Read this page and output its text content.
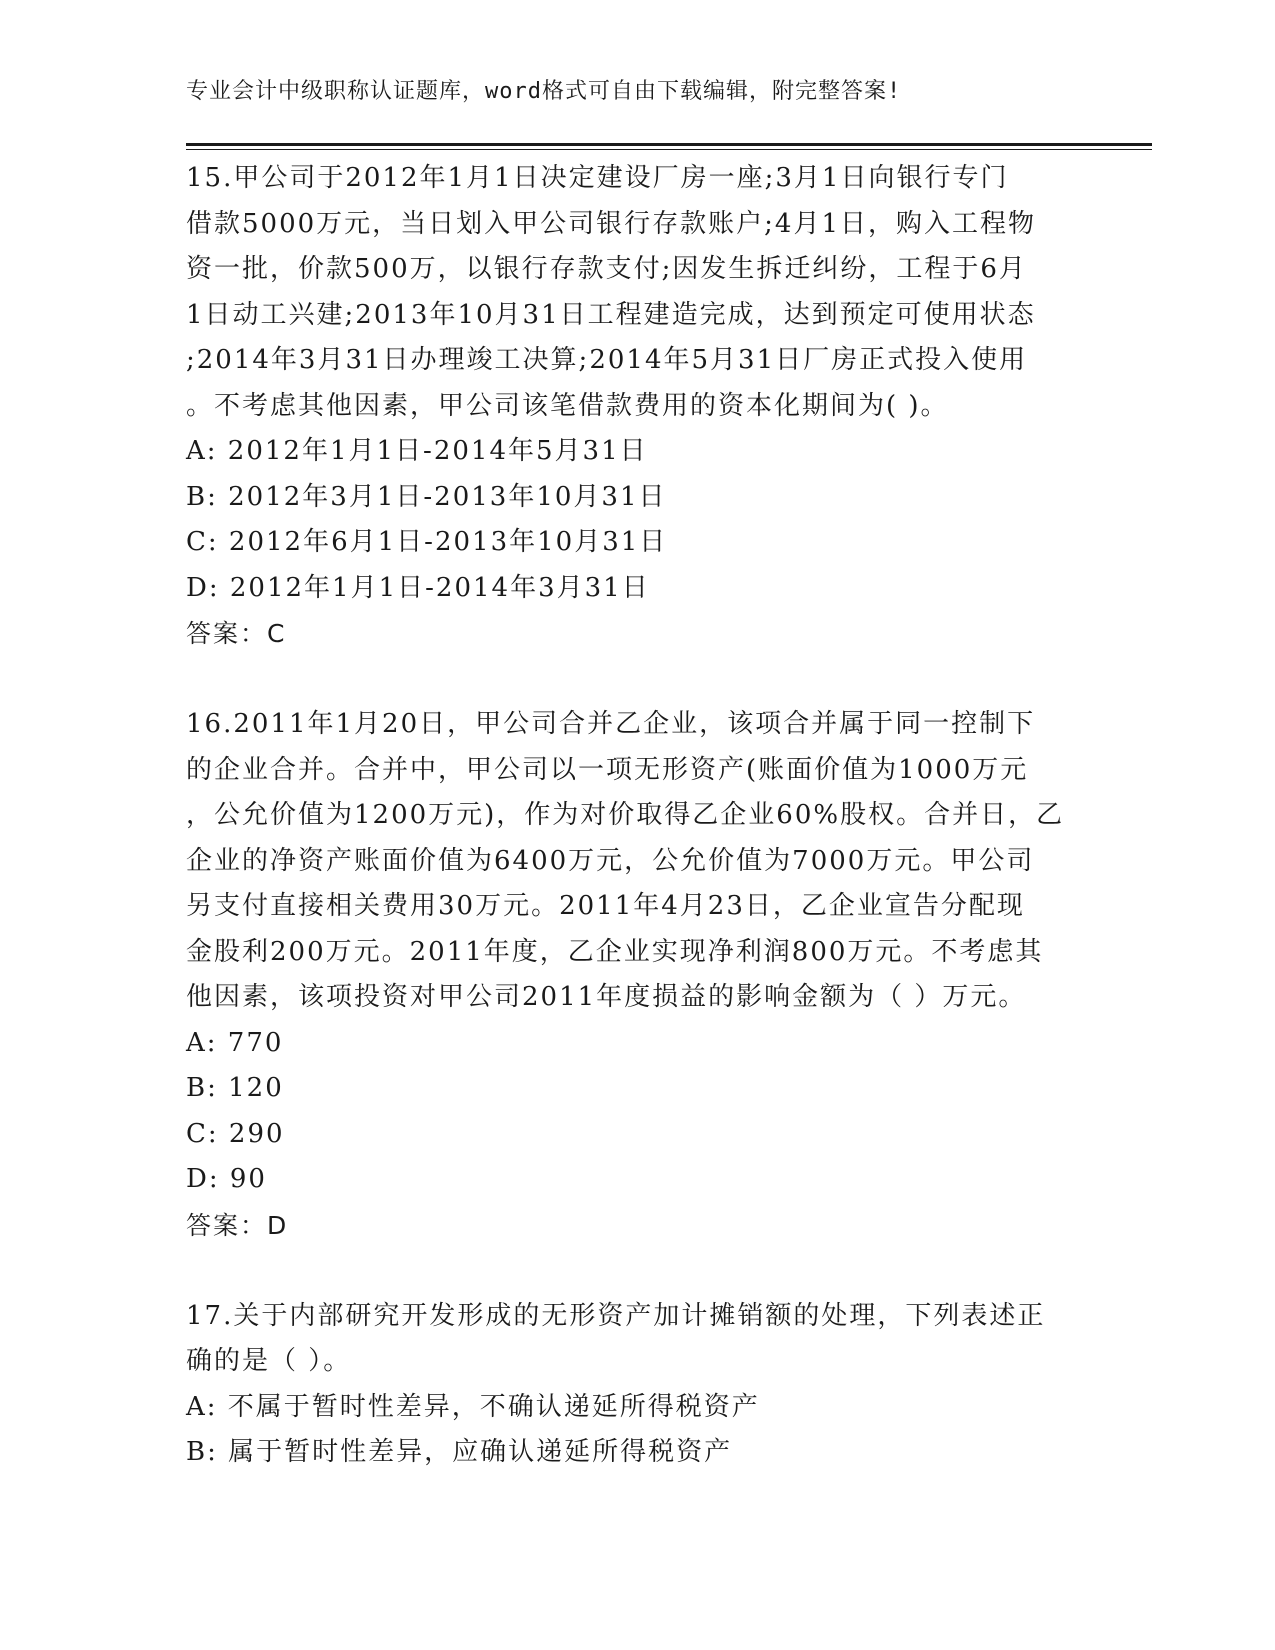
专业会计中级职称认证题库，word格式可自由下载编辑，附完整答案!
15.甲公司于2012年1月1日决定建设厂房一座;3月1日向银行专门
借款5000万元，当日划入甲公司银行存款账户;4月1日，购入工程物
资一批，价款500万，以银行存款支付;因发生拆迁纠纷，工程于6月
1日动工兴建;2013年10月31日工程建造完成，达到预定可使用状态
;2014年3月31日办理竣工决算;2014年5月31日厂房正式投入使用
。不考虑其他因素，甲公司该笔借款费用的资本化期间为( )。
A: 2012年1月1日-2014年5月31日
B: 2012年3月1日-2013年10月31日
C: 2012年6月1日-2013年10月31日
D: 2012年1月1日-2014年3月31日
答案：C
16.2011年1月20日，甲公司合并乙企业，该项合并属于同一控制下
的企业合并。合并中，甲公司以一项无形资产(账面价值为1000万元
，公允价值为1200万元)，作为对价取得乙企业60%股权。合并日，乙
企业的净资产账面价值为6400万元，公允价值为7000万元。甲公司
另支付直接相关费用30万元。2011年4月23日，乙企业宣告分配现
金股利200万元。2011年度，乙企业实现净利润800万元。不考虑其
他因素，该项投资对甲公司2011年度损益的影响金额为（ ）万元。
A: 770
B: 120
C: 290
D: 90
答案：D
17.关于内部研究开发形成的无形资产加计摊销额的处理，下列表述正
确的是（ ）。
A: 不属于暂时性差异，不确认递延所得税资产
B: 属于暂时性差异，应确认递延所得税资产
